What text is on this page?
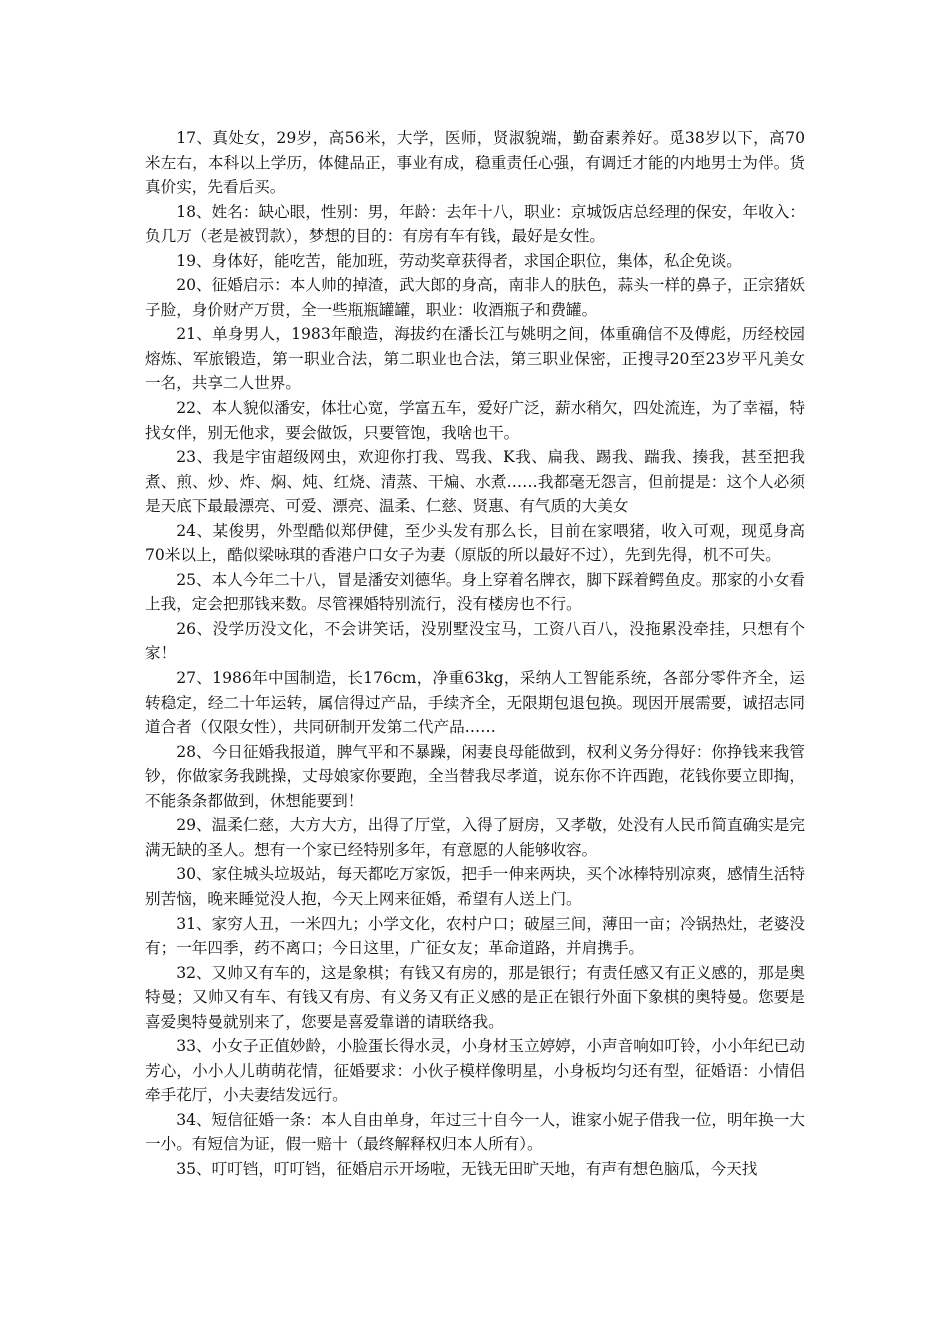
17、真处女，29岁，高56米，大学，医师，贤淑貌端，勤奋素养好。觅38岁以下，高70米左右，本科以上学历，体健品正，事业有成，稳重责任心强，有调迁才能的内地男士为伴。货真价实，先看后买。

18、姓名：缺心眼，性别：男，年龄：去年十八，职业：京城饭店总经理的保安，年收入：负几万（老是被罚款），梦想的目的：有房有车有钱，最好是女性。

19、身体好，能吃苦，能加班，劳动奖章获得者，求国企职位，集体，私企免谈。

20、征婚启示：本人帅的掉渣，武大郎的身高，南非人的肤色，蒜头一样的鼻子，正宗猪妖子脸，身价财产万贯，全一些瓶瓶罐罐，职业：收酒瓶子和费罐。

21、单身男人，1983年酿造，海拔约在潘长江与姚明之间，体重确信不及傅彪，历经校园熔炼、军旅锻造，第一职业合法，第二职业也合法，第三职业保密，正搜寻20至23岁平凡美女一名，共享二人世界。

22、本人貌似潘安，体壮心宽，学富五车，爱好广泛，薪水稍欠，四处流连，为了幸福，特找女伴，别无他求，要会做饭，只要管饱，我啥也干。

23、我是宇宙超级网虫，欢迎你打我、骂我、K我、扁我、踢我、踹我、揍我，甚至把我煮、煎、炒、炸、焖、炖、红烧、清蒸、干煸、水煮……我都毫无怨言，但前提是：这个人必须是天底下最最漂亮、可爱、漂亮、温柔、仁慈、贤惠、有气质的大美女

24、某俊男，外型酷似郑伊健，至少头发有那么长，目前在家喂猪，收入可观，现觅身高70米以上，酷似梁咏琪的香港户口女子为妻（原版的所以最好不过），先到先得，机不可失。

25、本人今年二十八，冒是潘安刘德华。身上穿着名牌衣，脚下踩着鳄鱼皮。那家的小女看上我，定会把那钱来数。尽管裸婚特别流行，没有楼房也不行。

26、没学历没文化，不会讲笑话，没别墅没宝马，工资八百八，没拖累没牵挂，只想有个家！

27、1986年中国制造，长176cm，净重63kg，采纳人工智能系统，各部分零件齐全，运转稳定，经二十年运转，属信得过产品，手续齐全，无限期包退包换。现因开展需要，诚招志同道合者（仅限女性），共同研制开发第二代产品……

28、今日征婚我报道，脾气平和不暴躁，闲妻良母能做到，权利义务分得好：你挣钱来我管钞，你做家务我跳操，丈母娘家你要跑，全当替我尽孝道，说东你不许西跑，花钱你要立即掏，不能条条都做到，休想能要到！

29、温柔仁慈，大方大方，出得了厅堂，入得了厨房，又孝敬，处没有人民币简直确实是完满无缺的圣人。想有一个家已经特别多年，有意愿的人能够收容。

30、家住城头垃圾站，每天都吃万家饭，把手一伸来两块，买个冰棒特别凉爽，感情生活特别苦恼，晚来睡觉没人抱，今天上网来征婚，希望有人送上门。

31、家穷人丑，一米四九；小学文化，农村户口；破屋三间，薄田一亩；冷锅热灶，老婆没有；一年四季，药不离口；今日这里，广征女友；革命道路，并肩携手。

32、又帅又有车的，这是象棋；有钱又有房的，那是银行；有责任感又有正义感的，那是奥特曼；又帅又有车、有钱又有房、有义务又有正义感的是正在银行外面下象棋的奥特曼。您要是喜爱奥特曼就别来了，您要是喜爱靠谱的请联络我。

33、小女子正值妙龄，小脸蛋长得水灵，小身材玉立婷婷，小声音响如叮铃，小小年纪已动芳心，小小人儿萌萌花情，征婚要求：小伙子模样像明星，小身板均匀还有型，征婚语：小情侣牵手花厅，小夫妻结发远行。

34、短信征婚一条：本人自由单身，年过三十自今一人，谁家小妮子借我一位，明年换一大一小。有短信为证，假一赔十（最终解释权归本人所有）。

35、叮叮铛，叮叮铛，征婚启示开场啦，无钱无田旷天地，有声有想色脑瓜，今天找
